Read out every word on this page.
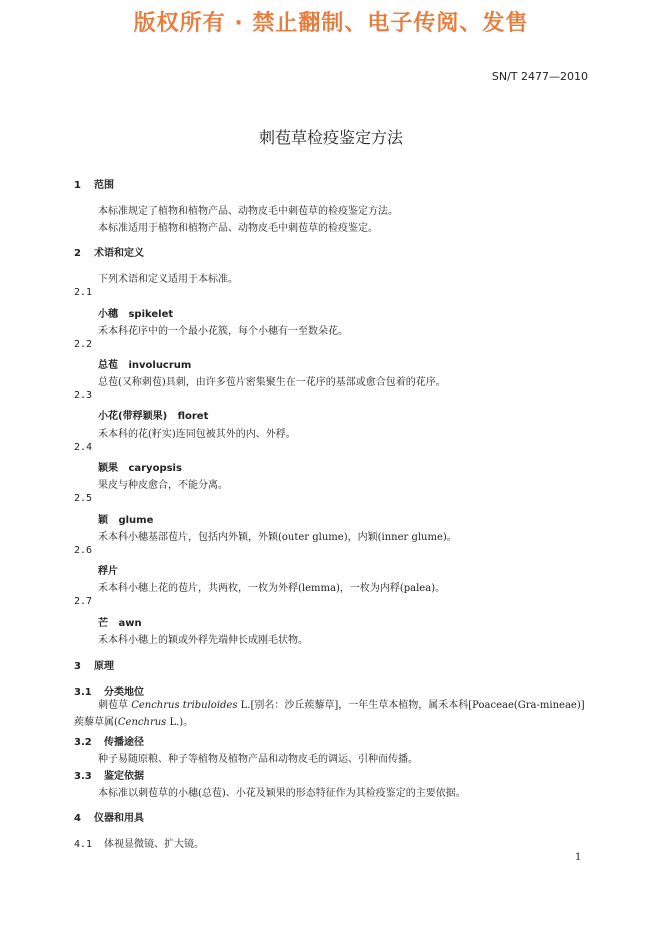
版权所有 · 禁止翻制、电子传阅、发售
SN/T 2477—2010
刺苞草检疫鉴定方法
1 范围
本标准规定了植物和植物产品、动物皮毛中刺苞草的检疫鉴定方法。
本标准适用于植物和植物产品、动物皮毛中刺苞草的检疫鉴定。
2 术语和定义
下列术语和定义适用于本标准。
2.1
小穗 spikelet
禾本科花序中的一个最小花簇，每个小穗有一至数朵花。
2.2
总苞 involucrum
总苞(又称刺苞)具刺，由许多苞片密集聚生在一花序的基部或愈合包着的花序。
2.3
小花(带稃颖果) floret
禾本科的花(籽实)连同包被其外的内、外稃。
2.4
颖果 caryopsis
果皮与种皮愈合，不能分离。
2.5
颖 glume
禾本科小穗基部苞片，包括内外颖，外颖(outer glume)，内颖(inner glume)。
2.6
稃片
禾本科小穗上花的苞片，共两枚，一枚为外稃(lemma)，一枚为内稃(palea)。
2.7
芒 awn
禾本科小穗上的颖或外稃先端伸长成刚毛状物。
3 原理
3.1 分类地位
刺苞草 Cenchrus tribuloides L.[别名：沙丘蒺藜草]，一年生草本植物，属禾本科[Poaceae(Gra-mineae)]蒺藜草属(Cenchrus L.)。
3.2 传播途径
种子易随原粮、种子等植物及植物产品和动物皮毛的调运、引种而传播。
3.3 鉴定依据
本标准以刺苞草的小穗(总苞)、小花及颖果的形态特征作为其检疫鉴定的主要依据。
4 仪器和用具
4.1 体视显微镜、扩大镜。
1
